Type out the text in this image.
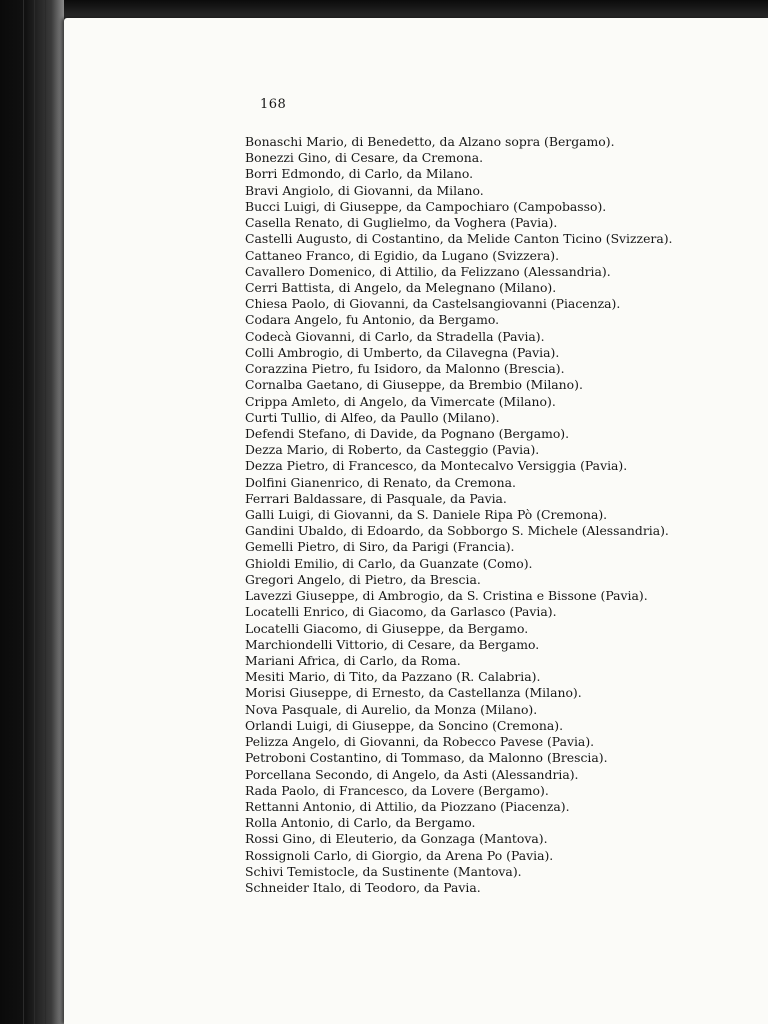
168
Bonaschi Mario, di Benedetto, da Alzano sopra (Bergamo).
Bonezzi Gino, di Cesare, da Cremona.
Borri Edmondo, di Carlo, da Milano.
Bravi Angiolo, di Giovanni, da Milano.
Bucci Luigi, di Giuseppe, da Campochiaro (Campobasso).
Casella Renato, di Guglielmo, da Voghera (Pavia).
Castelli Augusto, di Costantino, da Melide Canton Ticino (Svizzera).
Cattaneo Franco, di Egidio, da Lugano (Svizzera).
Cavallero Domenico, di Attilio, da Felizzano (Alessandria).
Cerri Battista, di Angelo, da Melegnano (Milano).
Chiesa Paolo, di Giovanni, da Castelsangiovanni (Piacenza).
Codara Angelo, fu Antonio, da Bergamo.
Codecà Giovanni, di Carlo, da Stradella (Pavia).
Colli Ambrogio, di Umberto, da Cilavegna (Pavia).
Corazzina Pietro, fu Isidoro, da Malonno (Brescia).
Cornalba Gaetano, di Giuseppe, da Brembio (Milano).
Crippa Amleto, di Angelo, da Vimercate (Milano).
Curti Tullio, di Alfeo, da Paullo (Milano).
Defendi Stefano, di Davide, da Pognano (Bergamo).
Dezza Mario, di Roberto, da Casteggio (Pavia).
Dezza Pietro, di Francesco, da Montecalvo Versiggia (Pavia).
Dolfini Gianenrico, di Renato, da Cremona.
Ferrari Baldassare, di Pasquale, da Pavia.
Galli Luigi, di Giovanni, da S. Daniele Ripa Pò (Cremona).
Gandini Ubaldo, di Edoardo, da Sobborgo S. Michele (Alessandria).
Gemelli Pietro, di Siro, da Parigi (Francia).
Ghioldi Emilio, di Carlo, da Guanzate (Como).
Gregori Angelo, di Pietro, da Brescia.
Lavezzi Giuseppe, di Ambrogio, da S. Cristina e Bissone (Pavia).
Locatelli Enrico, di Giacomo, da Garlasco (Pavia).
Locatelli Giacomo, di Giuseppe, da Bergamo.
Marchiondelli Vittorio, di Cesare, da Bergamo.
Mariani Africa, di Carlo, da Roma.
Mesiti Mario, di Tito, da Pazzano (R. Calabria).
Morisi Giuseppe, di Ernesto, da Castellanza (Milano).
Nova Pasquale, di Aurelio, da Monza (Milano).
Orlandi Luigi, di Giuseppe, da Soncino (Cremona).
Pelizza Angelo, di Giovanni, da Robecco Pavese (Pavia).
Petroboni Costantino, di Tommaso, da Malonno (Brescia).
Porcellana Secondo, di Angelo, da Asti (Alessandria).
Rada Paolo, di Francesco, da Lovere (Bergamo).
Rettanni Antonio, di Attilio, da Piozzano (Piacenza).
Rolla Antonio, di Carlo, da Bergamo.
Rossi Gino, di Eleuterio, da Gonzaga (Mantova).
Rossignoli Carlo, di Giorgio, da Arena Po (Pavia).
Schivi Temistocle, da Sustinente (Mantova).
Schneider Italo, di Teodoro, da Pavia.
